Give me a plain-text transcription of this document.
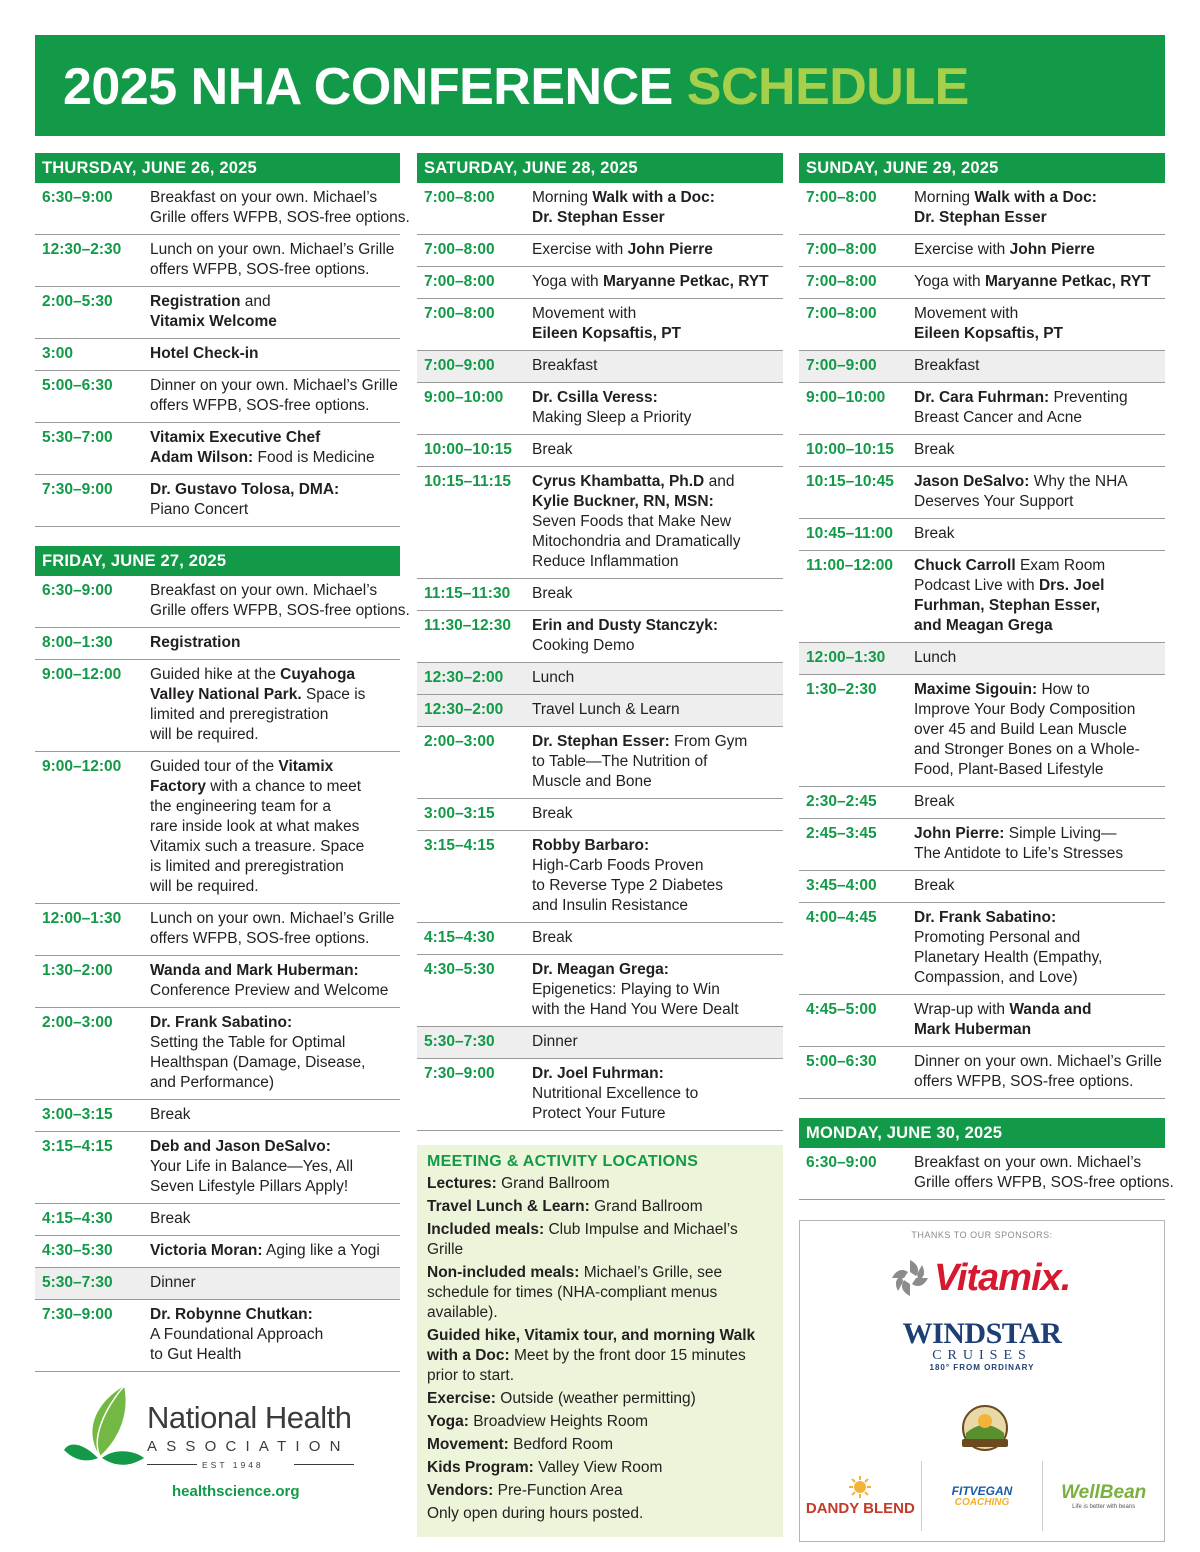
2025 NHA CONFERENCE SCHEDULE
THURSDAY, JUNE 26, 2025
6:30–9:00	Breakfast on your own. Michael’s
Grille offers WFPB, SOS-free options.
12:30–2:30	Lunch on your own. Michael’s Grille
offers WFPB, SOS-free options.
2:00–5:30	Registration and
Vitamix Welcome
3:00	Hotel Check-in
5:00–6:30	Dinner on your own. Michael’s Grille
offers WFPB, SOS-free options.
5:30–7:00	Vitamix Executive Chef
Adam Wilson: Food is Medicine
7:30–9:00	Dr. Gustavo Tolosa, DMA:
Piano Concert
FRIDAY, JUNE 27, 2025
6:30–9:00	Breakfast on your own. Michael’s
Grille offers WFPB, SOS-free options.
8:00–1:30	Registration
9:00–12:00	Guided hike at the Cuyahoga
Valley National Park. Space is
limited and preregistration
will be required.
9:00–12:00	Guided tour of the Vitamix
Factory with a chance to meet
the engineering team for a
rare inside look at what makes
Vitamix such a treasure. Space
is limited and preregistration
will be required.
12:00–1:30	Lunch on your own. Michael’s Grille
offers WFPB, SOS-free options.
1:30–2:00	Wanda and Mark Huberman:
Conference Preview and Welcome
2:00–3:00	Dr. Frank Sabatino:
Setting the Table for Optimal
Healthspan (Damage, Disease,
and Performance)
3:00–3:15	Break
3:15–4:15	Deb and Jason DeSalvo:
Your Life in Balance—Yes, All
Seven Lifestyle Pillars Apply!
4:15–4:30	Break
4:30–5:30	Victoria Moran: Aging like a Yogi
5:30–7:30	Dinner
7:30–9:00	Dr. Robynne Chutkan:
A Foundational Approach
to Gut Health
SATURDAY, JUNE 28, 2025
7:00–8:00	Morning Walk with a Doc:
Dr. Stephan Esser
7:00–8:00	Exercise with John Pierre
7:00–8:00	Yoga with Maryanne Petkac, RYT
7:00–8:00	Movement with
Eileen Kopsaftis, PT
7:00–9:00	Breakfast
9:00–10:00	Dr. Csilla Veress:
Making Sleep a Priority
10:00–10:15	Break
10:15–11:15	Cyrus Khambatta, Ph.D and
Kylie Buckner, RN, MSN:
Seven Foods that Make New
Mitochondria and Dramatically
Reduce Inflammation
11:15–11:30	Break
11:30–12:30	Erin and Dusty Stanczyk:
Cooking Demo
12:30–2:00	Lunch
12:30–2:00	Travel Lunch & Learn
2:00–3:00	Dr. Stephan Esser: From Gym
to Table—The Nutrition of
Muscle and Bone
3:00–3:15	Break
3:15–4:15	Robby Barbaro:
High-Carb Foods Proven
to Reverse Type 2 Diabetes
and Insulin Resistance
4:15–4:30	Break
4:30–5:30	Dr. Meagan Grega:
Epigenetics: Playing to Win
with the Hand You Were Dealt
5:30–7:30	Dinner
7:30–9:00	Dr. Joel Fuhrman:
Nutritional Excellence to
Protect Your Future
MEETING & ACTIVITY LOCATIONS
Lectures: Grand Ballroom
Travel Lunch & Learn: Grand Ballroom
Included meals: Club Impulse and Michael’s Grille
Non-included meals: Michael’s Grille, see schedule for times (NHA-compliant menus available).
Guided hike, Vitamix tour, and morning Walk with a Doc: Meet by the front door 15 minutes prior to start.
Exercise: Outside (weather permitting)
Yoga: Broadview Heights Room
Movement: Bedford Room
Kids Program: Valley View Room
Vendors: Pre-Function Area
Only open during hours posted.
SUNDAY, JUNE 29, 2025
7:00–8:00	Morning Walk with a Doc:
Dr. Stephan Esser
7:00–8:00	Exercise with John Pierre
7:00–8:00	Yoga with Maryanne Petkac, RYT
7:00–8:00	Movement with
Eileen Kopsaftis, PT
7:00–9:00	Breakfast
9:00–10:00	Dr. Cara Fuhrman: Preventing
Breast Cancer and Acne
10:00–10:15	Break
10:15–10:45	Jason DeSalvo: Why the NHA
Deserves Your Support
10:45–11:00	Break
11:00–12:00	Chuck Carroll Exam Room
Podcast Live with Drs. Joel
Furhman, Stephan Esser,
and Meagan Grega
12:00–1:30	Lunch
1:30–2:30	Maxime Sigouin: How to
Improve Your Body Composition
over 45 and Build Lean Muscle
and Stronger Bones on a Whole-
Food, Plant-Based Lifestyle
2:30–2:45	Break
2:45–3:45	John Pierre: Simple Living—
The Antidote to Life’s Stresses
3:45–4:00	Break
4:00–4:45	Dr. Frank Sabatino:
Promoting Personal and
Planetary Health (Empathy,
Compassion, and Love)
4:45–5:00	Wrap-up with Wanda and
Mark Huberman
5:00–6:30	Dinner on your own. Michael’s Grille
offers WFPB, SOS-free options.
MONDAY, JUNE 30, 2025
6:30–9:00	Breakfast on your own. Michael’s
Grille offers WFPB, SOS-free options.
THANKS TO OUR SPONSORS:
Vitamix.
WINDSTAR
CRUISES
180° FROM ORDINARY
DANDY BLEND
FITVEGAN
COACHING	WellBean
Life is better with beans
National Health
ASSOCIATION
EST 1948
healthscience.org
